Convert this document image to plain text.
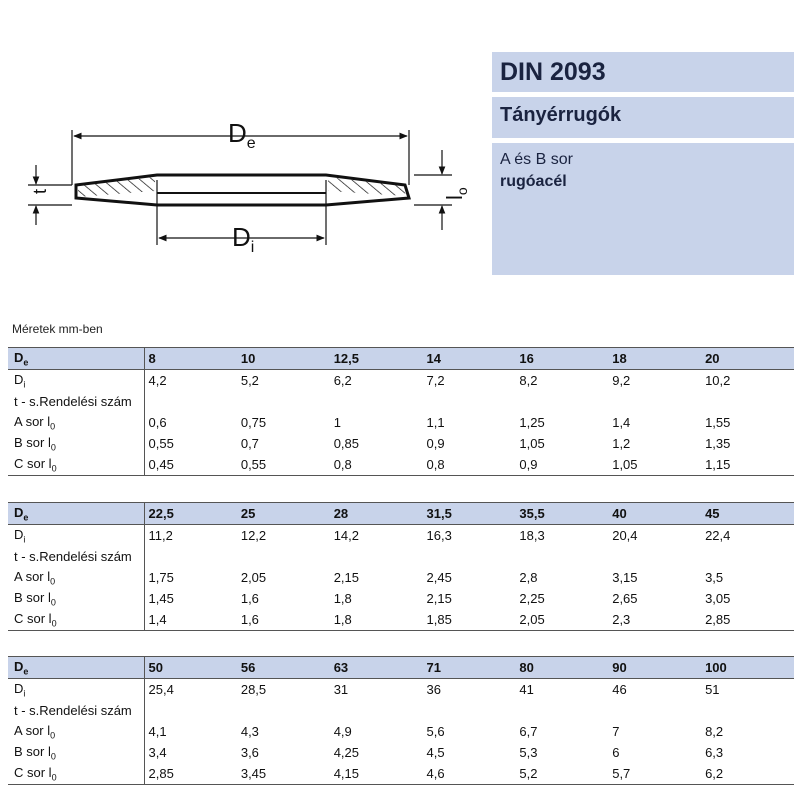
$D_e$
$D_i$
$l_o$
t
DIN 2093
Tányérrugók
A és B sor
rugóacél
Méretek mm-ben
$D_e$	8	10	12,5	14	16	18	20
$D_i$	4,2	5,2	6,2	7,2	8,2	9,2	10,2
t - s.Rendelési szám							
A sor $l_0$	0,6	0,75	1	1,1	1,25	1,4	1,55
B sor $l_0$	0,55	0,7	0,85	0,9	1,05	1,2	1,35
C sor $l_0$	0,45	0,55	0,8	0,8	0,9	1,05	1,15
$D_e$	22,5	25	28	31,5	35,5	40	45
$D_i$	11,2	12,2	14,2	16,3	18,3	20,4	22,4
t - s.Rendelési szám							
A sor $l_0$	1,75	2,05	2,15	2,45	2,8	3,15	3,5
B sor $l_0$	1,45	1,6	1,8	2,15	2,25	2,65	3,05
C sor $l_0$	1,4	1,6	1,8	1,85	2,05	2,3	2,85
$D_e$	50	56	63	71	80	90	100
$D_i$	25,4	28,5	31	36	41	46	51
t - s.Rendelési szám							
A sor $l_0$	4,1	4,3	4,9	5,6	6,7	7	8,2
B sor $l_0$	3,4	3,6	4,25	4,5	5,3	6	6,3
C sor $l_0$	2,85	3,45	4,15	4,6	5,2	5,7	6,2
